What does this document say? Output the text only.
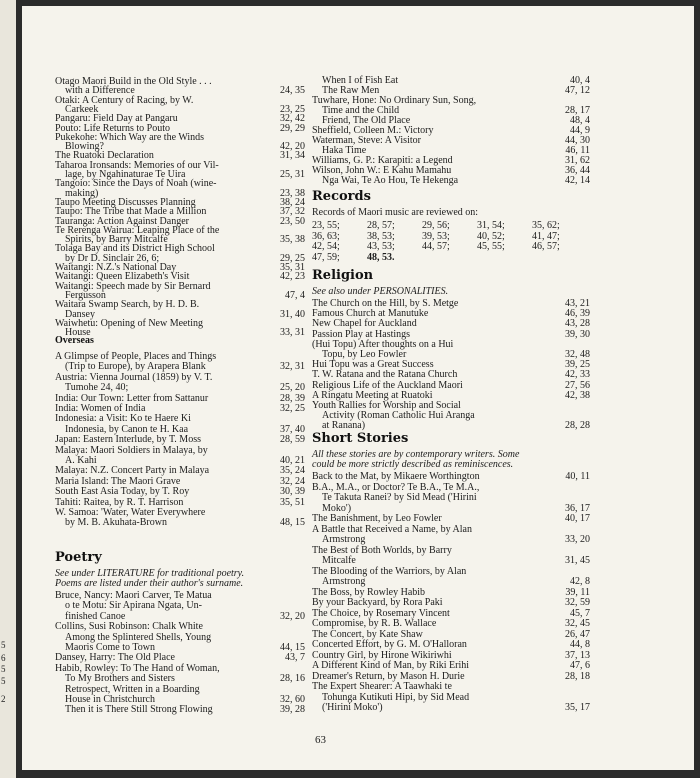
5
6
5
5
2
Otago Maori Build in the Old Style . . .
with a Difference	24, 35
Otaki: A Century of Racing, by W.
Carkeek	23, 25
Pangaru: Field Day at Pangaru	32, 42
Pouto: Life Returns to Pouto	29, 29
Pukekohe: Which Way are the Winds
Blowing?	42, 20
The Ruatoki Declaration	31, 34
Taharoa Ironsands: Memories of our Vil-
lage, by Ngahinaturae Te Uira	25, 31
Tangoio: Since the Days of Noah (wine-
making)	23, 38
Taupo Meeting Discusses Planning	38, 24
Taupo: The Tribe that Made a Million	37, 32
Tauranga: Action Against Danger	23, 50
Te Rerenga Wairua: Leaping Place of the
Spirits, by Barry Mitcalfe	35, 38
Tolaga Bay and its District High School
by Dr D. Sinclair 26, 6;	29, 25
Waitangi: N.Z.'s National Day	35, 31
Waitangi: Queen Elizabeth's Visit	42, 23
Waitangi: Speech made by Sir Bernard
Fergusson	47, 4
Waitara Swamp Search, by H. D. B.
Dansey	31, 40
Waiwhetu: Opening of New Meeting
House	33, 31
Overseas
A Glimpse of People, Places and Things
(Trip to Europe), by Arapera Blank	32, 31
Austria: Vienna Journal (1859) by V. T.
Tumohe 24, 40;	25, 20
India: Our Town: Letter from Sattanur	28, 39
India: Women of India	32, 25
Indonesia: a Visit: Ko te Haere Ki
Indonesia, by Canon te H. Kaa	37, 40
Japan: Eastern Interlude, by T. Moss	28, 59
Malaya: Maori Soldiers in Malaya, by
A. Kahi	40, 21
Malaya: N.Z. Concert Party in Malaya	35, 24
Maria Island: The Maori Grave	32, 24
South East Asia Today, by T. Roy	30, 39
Tahiti: Raitea, by R. T. Harrison	35, 51
W. Samoa: 'Water, Water Everywhere
by M. B. Akuhata-Brown	48, 15
Poetry
See under LITERATURE for traditional poetry.
Poems are listed under their author's surname.
Bruce, Nancy: Maori Carver, Te Matua
o te Motu: Sir Apirana Ngata, Un-
finished Canoe	32, 20
Collins, Susi Robinson: Chalk White
Among the Splintered Shells, Young
Maoris Come to Town	44, 15
Dansey, Harry: The Old Place	43, 7
Habib, Rowley: To The Hand of Woman,
To My Brothers and Sisters	28, 16
Retrospect, Written in a Boarding
House in Christchurch	32, 60
Then it is There Still Strong Flowing	39, 28
When I of Fish Eat	40, 4
The Raw Men	47, 12
Tuwhare, Hone: No Ordinary Sun, Song,
Time and the Child	28, 17
Friend, The Old Place	48, 4
Sheffield, Colleen M.: Victory	44, 9
Waterman, Steve: A Visitor	44, 30
Haka Time	46, 11
Williams, G. P.: Karapiti: a Legend	31, 62
Wilson, John W.: E Kahu Mamahu	36, 44
Nga Wai, Te Ao Hou, Te Hekenga	42, 14
Records
Records of Maori music are reviewed on:
23, 55;	28, 57;	29, 56;	31, 54;	35, 62;
36, 63;	38, 53;	39, 53;	40, 52;	41, 47;
42, 54;	43, 53;	44, 57;	45, 55;	46, 57;
47, 59;	48, 53.
Religion
See also under PERSONALITIES.
The Church on the Hill, by S. Metge	43, 21
Famous Church at Manutuke	46, 39
New Chapel for Auckland	43, 28
Passion Play at Hastings	39, 30
(Hui Topu) After thoughts on a Hui
Topu, by Leo Fowler	32, 48
Hui Topu was a Great Success	39, 25
T. W. Ratana and the Ratana Church	42, 33
Religious Life of the Auckland Maori	27, 56
A Ringatu Meeting at Ruatoki	42, 38
Youth Rallies for Worship and Social
Activity (Roman Catholic Hui Aranga
at Ranana)	28, 28
Short Stories
All these stories are by contemporary writers. Some
could be more strictly described as reminiscences.
Back to the Mat, by Mikaere Worthington	40, 11
B.A., M.A., or Doctor? Te B.A., Te M.A.,
Te Takuta Ranei? by Sid Mead ('Hirini
Moko')	36, 17
The Banishment, by Leo Fowler	40, 17
A Battle that Received a Name, by Alan
Armstrong	33, 20
The Best of Both Worlds, by Barry
Mitcalfe	31, 45
The Blooding of the Warriors, by Alan
Armstrong	42, 8
The Boss, by Rowley Habib	39, 11
By your Backyard, by Rora Paki	32, 59
The Choice, by Rosemary Vincent	45, 7
Compromise, by R. B. Wallace	32, 45
The Concert, by Kate Shaw	26, 47
Concerted Effort, by G. M. O'Halloran	44, 8
Country Girl, by Hirone Wikiriwhi	37, 13
A Different Kind of Man, by Riki Erihi	47, 6
Dreamer's Return, by Mason H. Durie	28, 18
The Expert Shearer: A Taawhaki te
Tohunga Kutikuti Hipi, by Sid Mead
('Hirini Moko')	35, 17
63
